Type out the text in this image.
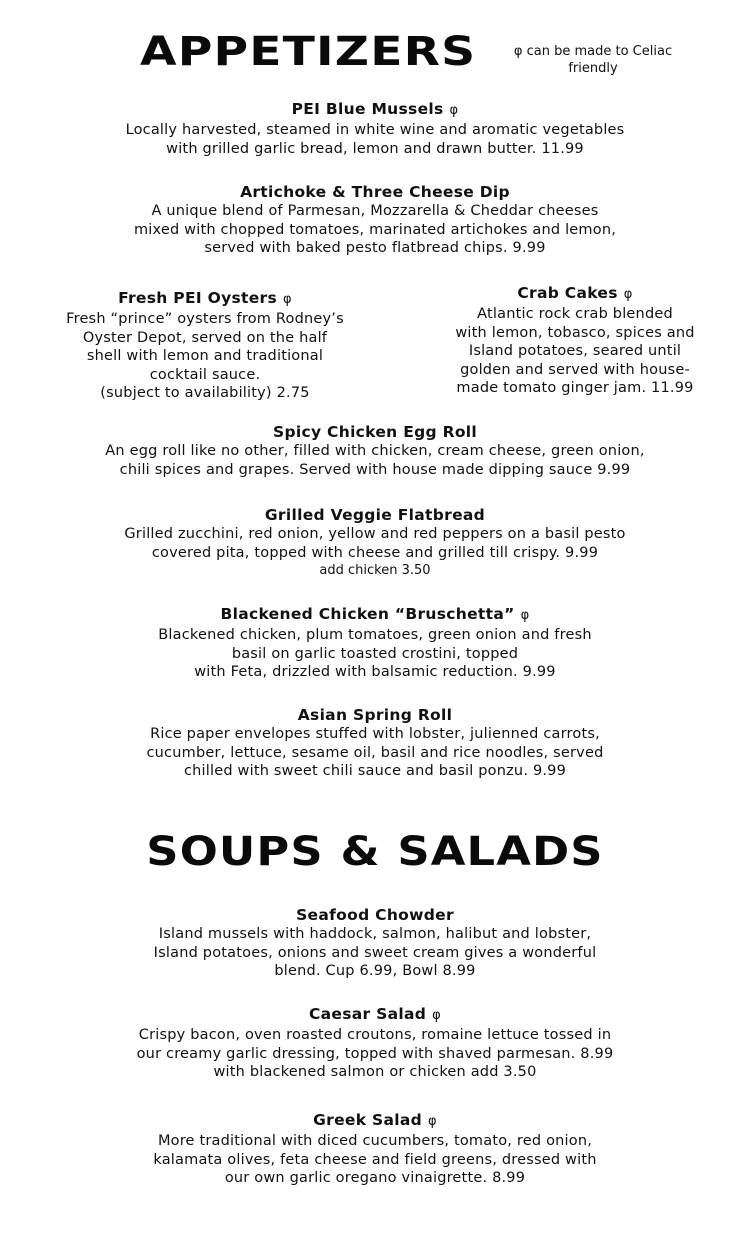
APPETIZERS	φ can be made to Celiac
friendly
PEI Blue Mussels φ
Locally harvested, steamed in white wine and aromatic vegetables
with grilled garlic bread, lemon and drawn butter. 11.99
Artichoke & Three Cheese Dip
A unique blend of Parmesan, Mozzarella & Cheddar cheeses
mixed with chopped tomatoes, marinated artichokes and lemon,
served with baked pesto flatbread chips. 9.99
Fresh PEI Oysters φ
Fresh “prince” oysters from Rodney’s
Oyster Depot, served on the half
shell with lemon and traditional
cocktail sauce.
(subject to availability) 2.75
Crab Cakes φ
Atlantic rock crab blended
with lemon, tobasco, spices and
Island potatoes, seared until
golden and served with house-
made tomato ginger jam. 11.99
Spicy Chicken Egg Roll
An egg roll like no other, filled with chicken, cream cheese, green onion,
chili spices and grapes. Served with house made dipping sauce 9.99
Grilled Veggie Flatbread
Grilled zucchini, red onion, yellow and red peppers on a basil pesto
covered pita, topped with cheese and grilled till crispy. 9.99
add chicken 3.50
Blackened Chicken “Bruschetta” φ
Blackened chicken, plum tomatoes, green onion and fresh
basil on garlic toasted crostini, topped
with Feta, drizzled with balsamic reduction. 9.99
Asian Spring Roll
Rice paper envelopes stuffed with lobster, julienned carrots,
cucumber, lettuce, sesame oil, basil and rice noodles, served
chilled with sweet chili sauce and basil ponzu. 9.99
SOUPS & SALADS
Seafood Chowder
Island mussels with haddock, salmon, halibut and lobster,
Island potatoes, onions and sweet cream gives a wonderful
blend. Cup 6.99, Bowl 8.99
Caesar Salad φ
Crispy bacon, oven roasted croutons, romaine lettuce tossed in
our creamy garlic dressing, topped with shaved parmesan. 8.99
with blackened salmon or chicken add 3.50
Greek Salad φ
More traditional with diced cucumbers, tomato, red onion,
kalamata olives, feta cheese and field greens, dressed with
our own garlic oregano vinaigrette. 8.99
